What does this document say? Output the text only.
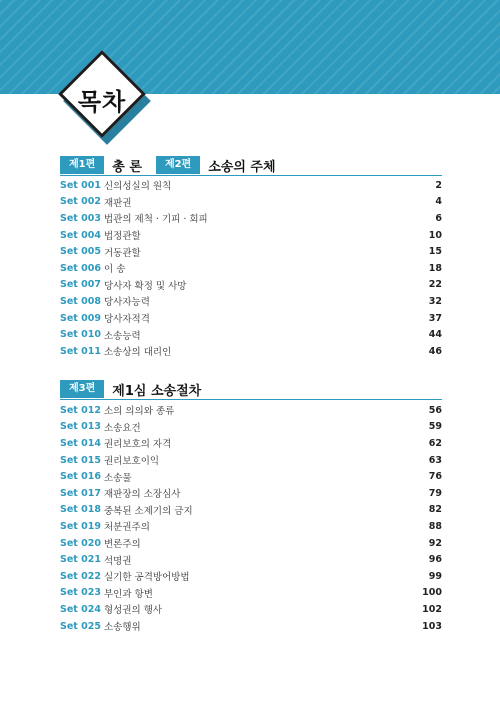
목차
제1편	총 론	제2편	소송의 주체
Set 001 신의성실의 원칙	2
Set 002 재판권	4
Set 003 법관의 제척 · 기피 · 회피	6
Set 004 법정관할	10
Set 005 거동관할	15
Set 006 이 송	18
Set 007 당사자 확정 및 사망	22
Set 008 당사자능력	32
Set 009 당사자적격	37
Set 010 소송능력	44
Set 011 소송상의 대리인	46
제3편	제1심 소송절차
Set 012 소의 의의와 종류	56
Set 013 소송요건	59
Set 014 권리보호의 자격	62
Set 015 권리보호이익	63
Set 016 소송물	76
Set 017 재판장의 소장심사	79
Set 018 중복된 소제기의 금지	82
Set 019 처분권주의	88
Set 020 변론주의	92
Set 021 석명권	96
Set 022 실기한 공격방어방법	99
Set 023 부인과 항변	100
Set 024 형성권의 행사	102
Set 025 소송행위	103
